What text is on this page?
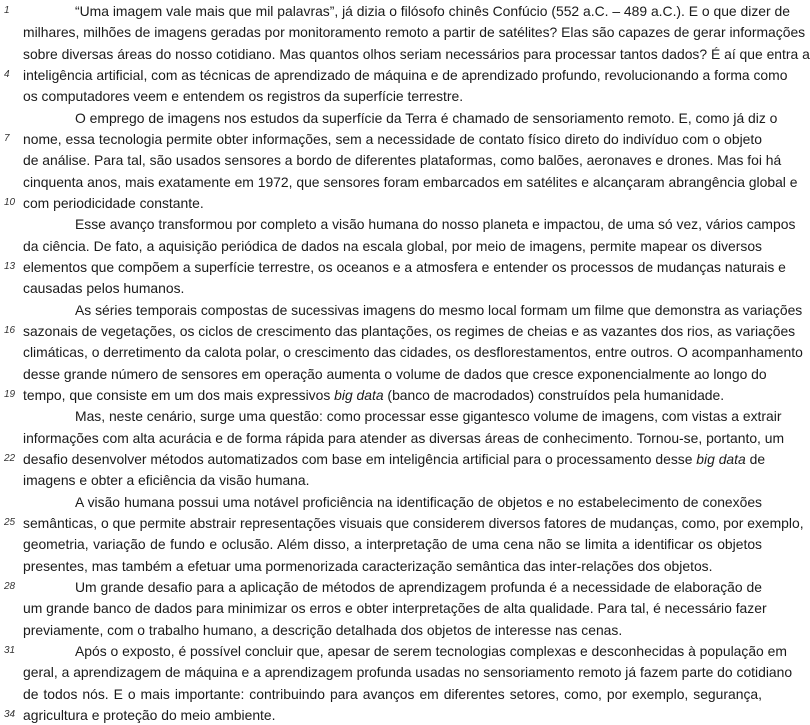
1
4
7
10
13
16
19
22
25
28
31
34
“Uma imagem vale mais que mil palavras”, já dizia o filósofo chinês Confúcio (552 a.C. – 489 a.C.). E o que dizer de
milhares, milhões de imagens geradas por monitoramento remoto a partir de satélites? Elas são capazes de gerar informações
sobre diversas áreas do nosso cotidiano. Mas quantos olhos seriam necessários para processar tantos dados? É aí que entra a
inteligência artificial, com as técnicas de aprendizado de máquina e de aprendizado profundo, revolucionando a forma como
os computadores veem e entendem os registros da superfície terrestre.
O emprego de imagens nos estudos da superfície da Terra é chamado de sensoriamento remoto. E, como já diz o
nome, essa tecnologia permite obter informações, sem a necessidade de contato físico direto do indivíduo com o objeto
de análise. Para tal, são usados sensores a bordo de diferentes plataformas, como balões, aeronaves e drones. Mas foi há
cinquenta anos, mais exatamente em 1972, que sensores foram embarcados em satélites e alcançaram abrangência global e
com periodicidade constante.
Esse avanço transformou por completo a visão humana do nosso planeta e impactou, de uma só vez, vários campos
da ciência. De fato, a aquisição periódica de dados na escala global, por meio de imagens, permite mapear os diversos
elementos que compõem a superfície terrestre, os oceanos e a atmosfera e entender os processos de mudanças naturais e
causadas pelos humanos.
As séries temporais compostas de sucessivas imagens do mesmo local formam um filme que demonstra as variações
sazonais de vegetações, os ciclos de crescimento das plantações, os regimes de cheias e as vazantes dos rios, as variações
climáticas, o derretimento da calota polar, o crescimento das cidades, os desflorestamentos, entre outros. O acompanhamento
desse grande número de sensores em operação aumenta o volume de dados que cresce exponencialmente ao longo do
tempo, que consiste em um dos mais expressivos big data (banco de macrodados) construídos pela humanidade.
Mas, neste cenário, surge uma questão: como processar esse gigantesco volume de imagens, com vistas a extrair
informações com alta acurácia e de forma rápida para atender as diversas áreas de conhecimento. Tornou-se, portanto, um
desafio desenvolver métodos automatizados com base em inteligência artificial para o processamento desse big data de
imagens e obter a eficiência da visão humana.
A visão humana possui uma notável proficiência na identificação de objetos e no estabelecimento de conexões
semânticas, o que permite abstrair representações visuais que considerem diversos fatores de mudanças, como, por exemplo,
geometria, variação de fundo e oclusão. Além disso, a interpretação de uma cena não se limita a identificar os objetos
presentes, mas também a efetuar uma pormenorizada caracterização semântica das inter-relações dos objetos.
Um grande desafio para a aplicação de métodos de aprendizagem profunda é a necessidade de elaboração de
um grande banco de dados para minimizar os erros e obter interpretações de alta qualidade. Para tal, é necessário fazer
previamente, com o trabalho humano, a descrição detalhada dos objetos de interesse nas cenas.
Após o exposto, é possível concluir que, apesar de serem tecnologias complexas e desconhecidas à população em
geral, a aprendizagem de máquina e a aprendizagem profunda usadas no sensoriamento remoto já fazem parte do cotidiano
de todos nós. E o mais importante: contribuindo para avanços em diferentes setores, como, por exemplo, segurança,
agricultura e proteção do meio ambiente.
